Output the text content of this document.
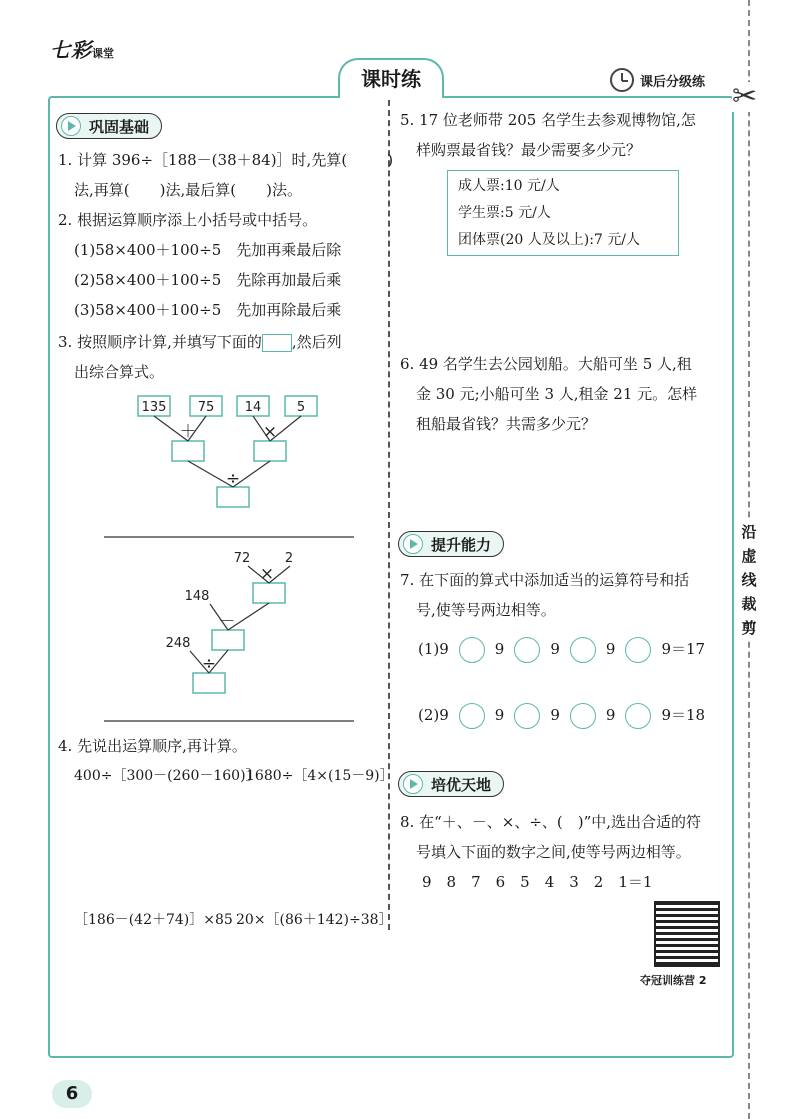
七彩课堂
课时练	课后分级练 ✂
沿
虚
线
裁
剪
巩固基础
1. 计算 396÷［188－(38＋84)］时,先算(	)
法,再算(　　)法,最后算(　　)法。
2. 根据运算顺序添上小括号或中括号。
(1)58×400＋100÷5　先加再乘最后除
(2)58×400＋100÷5　先除再加最后乘
(3)58×400＋100÷5　先加再除最后乘
3. 按照顺序计算,并填写下面的 ,然后列
出综合算式。
135 75 14	5
＋	×
÷
72	2
148
248
×
－
÷
4. 先说出运算顺序,再计算。
400÷［300－(260－160)］
1680÷［4×(15－9)］
［186－(42＋74)］×85 20×［(86＋142)÷38］
5. 17 位老师带 205 名学生去参观博物馆,怎
样购票最省钱？最少需要多少元？
成人票:10 元/人
学生票:5 元/人
团体票(20 人及以上):7 元/人
6. 49 名学生去公园划船。大船可坐 5 人,租
金 30 元;小船可坐 3 人,租金 21 元。怎样
租船最省钱？共需多少元？
提升能力
7. 在下面的算式中添加适当的运算符号和括
号,使等号两边相等。
(1)9	9	9	9	9＝17
(2)9	9	9	9	9＝18
培优天地
8. 在“＋、－、×、÷、(　)”中,选出合适的符
号填入下面的数字之间,使等号两边相等。
9　8　7　6　5　4　3　2　1＝1
夺冠训练营 2
6
